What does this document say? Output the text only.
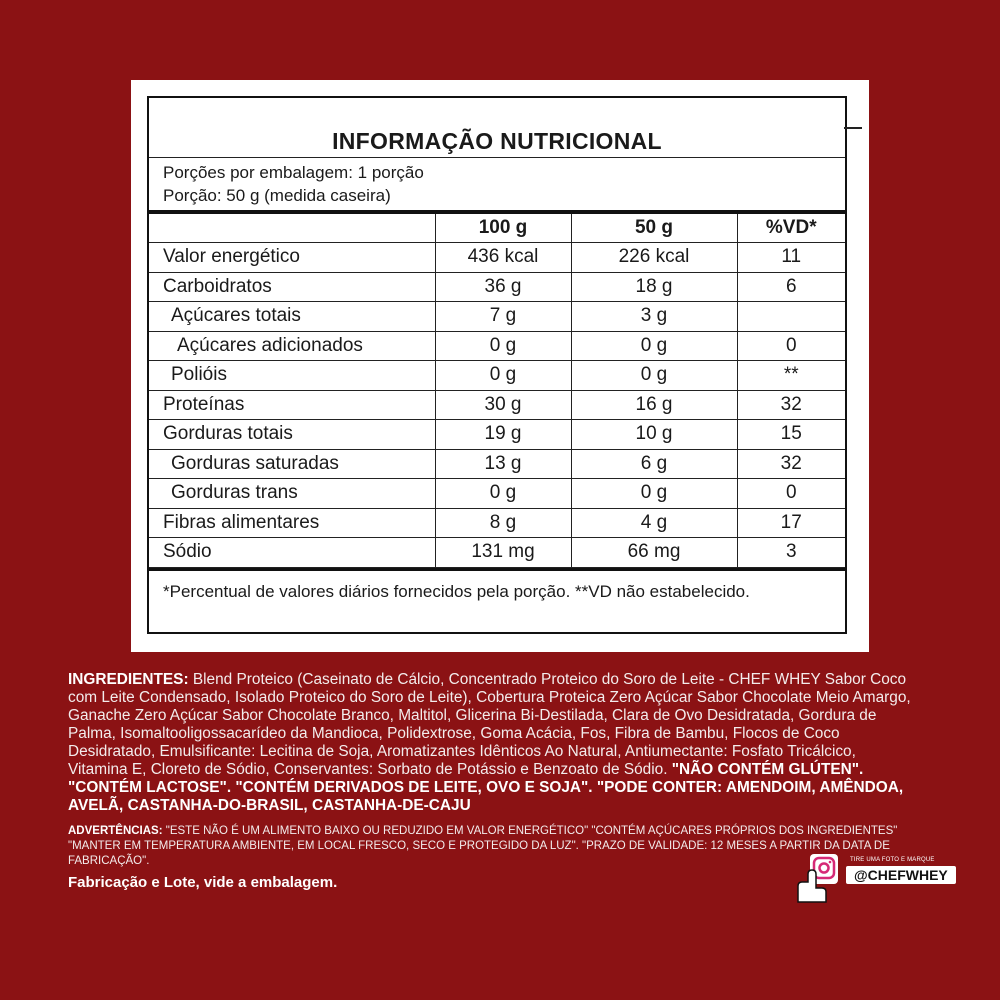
INFORMAÇÃO NUTRICIONAL
Porções por embalagem: 1 porção
Porção: 50 g (medida caseira)
	100 g	50 g	%VD*
Valor energético	436 kcal	226 kcal	11
Carboidratos	36 g	18 g	6
Açúcares totais	7 g	3 g	
Açúcares adicionados	0 g	0 g	0
Polióis	0 g	0 g	**
Proteínas	30 g	16 g	32
Gorduras totais	19 g	10 g	15
Gorduras saturadas	13 g	6 g	32
Gorduras trans	0 g	0 g	0
Fibras alimentares	8 g	4 g	17
Sódio	131 mg	66 mg	3
*Percentual de valores diários fornecidos pela porção. **VD não estabelecido.
INGREDIENTES: Blend Proteico (Caseinato de Cálcio, Concentrado Proteico do Soro de Leite - CHEF WHEY Sabor Coco com Leite Condensado, Isolado Proteico do Soro de Leite), Cobertura Proteica Zero Açúcar Sabor Chocolate Meio Amargo, Ganache Zero Açúcar Sabor Chocolate Branco, Maltitol, Glicerina Bi-Destilada, Clara de Ovo Desidratada, Gordura de Palma, Isomaltooligossacarídeo da Mandioca, Polidextrose, Goma Acácia, Fos, Fibra de Bambu, Flocos de Coco Desidratado, Emulsificante: Lecitina de Soja, Aromatizantes Idênticos Ao Natural, Antiumectante: Fosfato Tricálcico, Vitamina E, Cloreto de Sódio, Conservantes: Sorbato de Potássio e Benzoato de Sódio. "NÃO CONTÉM GLÚTEN". "CONTÉM LACTOSE". "CONTÉM DERIVADOS DE LEITE, OVO E SOJA". "PODE CONTER: AMENDOIM, AMÊNDOA, AVELÃ, CASTANHA-DO-BRASIL, CASTANHA-DE-CAJU
ADVERTÊNCIAS: "ESTE NÃO É UM ALIMENTO BAIXO OU REDUZIDO EM VALOR ENERGÉTICO" "CONTÉM AÇÚCARES PRÓPRIOS DOS INGREDIENTES" "MANTER EM TEMPERATURA AMBIENTE, EM LOCAL FRESCO, SECO E PROTEGIDO DA LUZ". "PRAZO DE VALIDADE: 12 MESES A PARTIR DA DATA DE FABRICAÇÃO".
Fabricação e Lote, vide a embalagem.
TIRE UMA FOTO E MARQUE
@CHEFWHEY
